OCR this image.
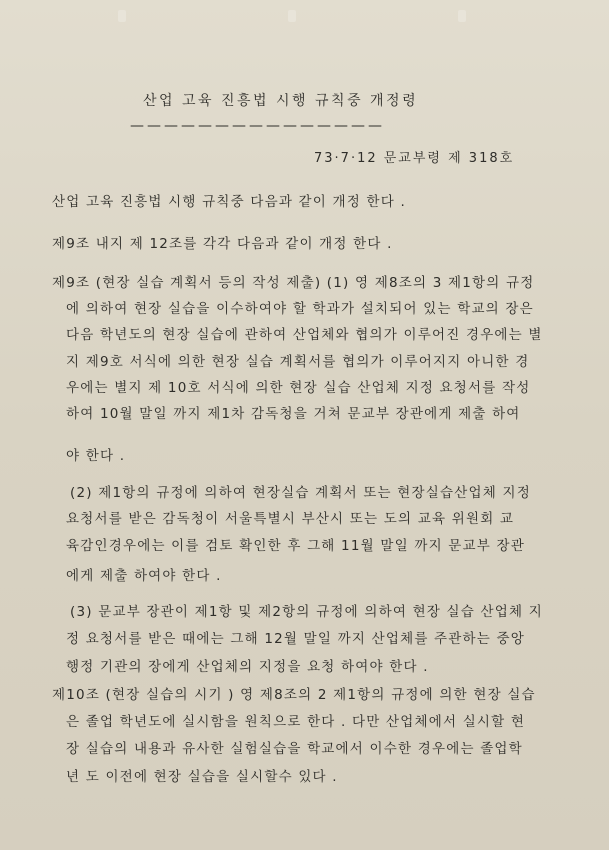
산업 고육 진흥법 시행 규칙중 개정령
———————————————
73·7·12 문교부령 제 318호
산업 고육 진흥법 시행 규칙중 다음과 같이 개정 한다 .
제9조 내지 제 12조를 각각 다음과 같이 개정 한다 .
제9조 (현장 실습 계획서 등의 작성 제출) (1) 영 제8조의 3 제1항의 규정
에 의하여 현장 실습을 이수하여야 할 학과가 설치되어 있는 학교의 장은
다음 학년도의 현장 실습에 관하여 산업체와 협의가 이루어진 경우에는 별
지 제9호 서식에 의한 현장 실습 계획서를 협의가 이루어지지 아니한 경
우에는 별지 제 10호 서식에 의한 현장 실습 산업체 지정 요청서를 작성
하여 10월 말일 까지 제1차 감독청을 거쳐 문교부 장관에게 제출 하여
야 한다 .
(2) 제1항의 규정에 의하여 현장실습 계획서 또는 현장실습산업체 지정
요청서를 받은 감독청이 서울특별시 부산시 또는 도의 교육 위원회 교
육감인경우에는 이를 검토 확인한 후 그해 11월 말일 까지 문교부 장관
에게 제출 하여야 한다 .
(3) 문교부 장관이 제1항 및 제2항의 규정에 의하여 현장 실습 산업체 지
정 요청서를 받은 때에는 그해 12월 말일 까지 산업체를 주관하는 중앙
행정 기관의 장에게 산업체의 지정을 요청 하여야 한다 .
제10조 (현장 실습의 시기 ) 영 제8조의 2 제1항의 규정에 의한 현장 실습
은 졸업 학년도에 실시함을 원칙으로 한다 . 다만 산업체에서 실시할 현
장 실습의 내용과 유사한 실험실습을 학교에서 이수한 경우에는 졸업학
년 도 이전에 현장 실습을 실시할수 있다 .
